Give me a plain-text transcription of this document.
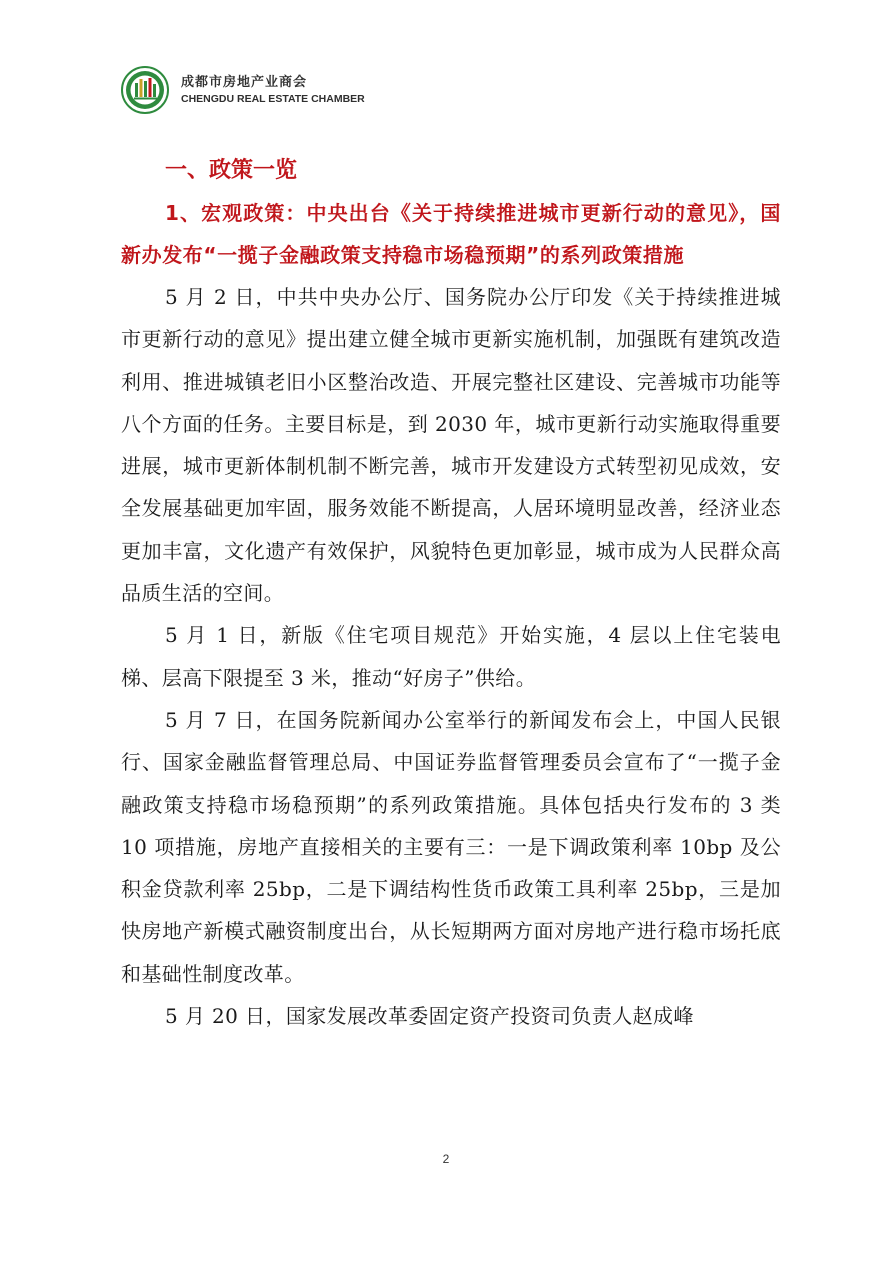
成都市房地产业商会
CHENGDU REAL ESTATE CHAMBER

一、政策一览

1、宏观政策：中央出台《关于持续推进城市更新行动的意见》，国新办发布“一揽子金融政策支持稳市场稳预期”的系列政策措施

5 月 2 日，中共中央办公厅、国务院办公厅印发《关于持续推进城市更新行动的意见》提出建立健全城市更新实施机制，加强既有建筑改造利用、推进城镇老旧小区整治改造、开展完整社区建设、完善城市功能等八个方面的任务。主要目标是，到 2030 年，城市更新行动实施取得重要进展，城市更新体制机制不断完善，城市开发建设方式转型初见成效，安全发展基础更加牢固，服务效能不断提高，人居环境明显改善，经济业态更加丰富，文化遗产有效保护，风貌特色更加彰显，城市成为人民群众高品质生活的空间。

5 月 1 日，新版《住宅项目规范》开始实施，4 层以上住宅装电梯、层高下限提至 3 米，推动“好房子”供给。

5 月 7 日，在国务院新闻办公室举行的新闻发布会上，中国人民银行、国家金融监督管理总局、中国证券监督管理委员会宣布了“一揽子金融政策支持稳市场稳预期”的系列政策措施。具体包括央行发布的 3 类 10 项措施，房地产直接相关的主要有三：一是下调政策利率 10bp 及公积金贷款利率 25bp，二是下调结构性货币政策工具利率 25bp，三是加快房地产新模式融资制度出台，从长短期两方面对房地产进行稳市场托底和基础性制度改革。

5 月 20 日，国家发展改革委固定资产投资司负责人赵成峰

2
